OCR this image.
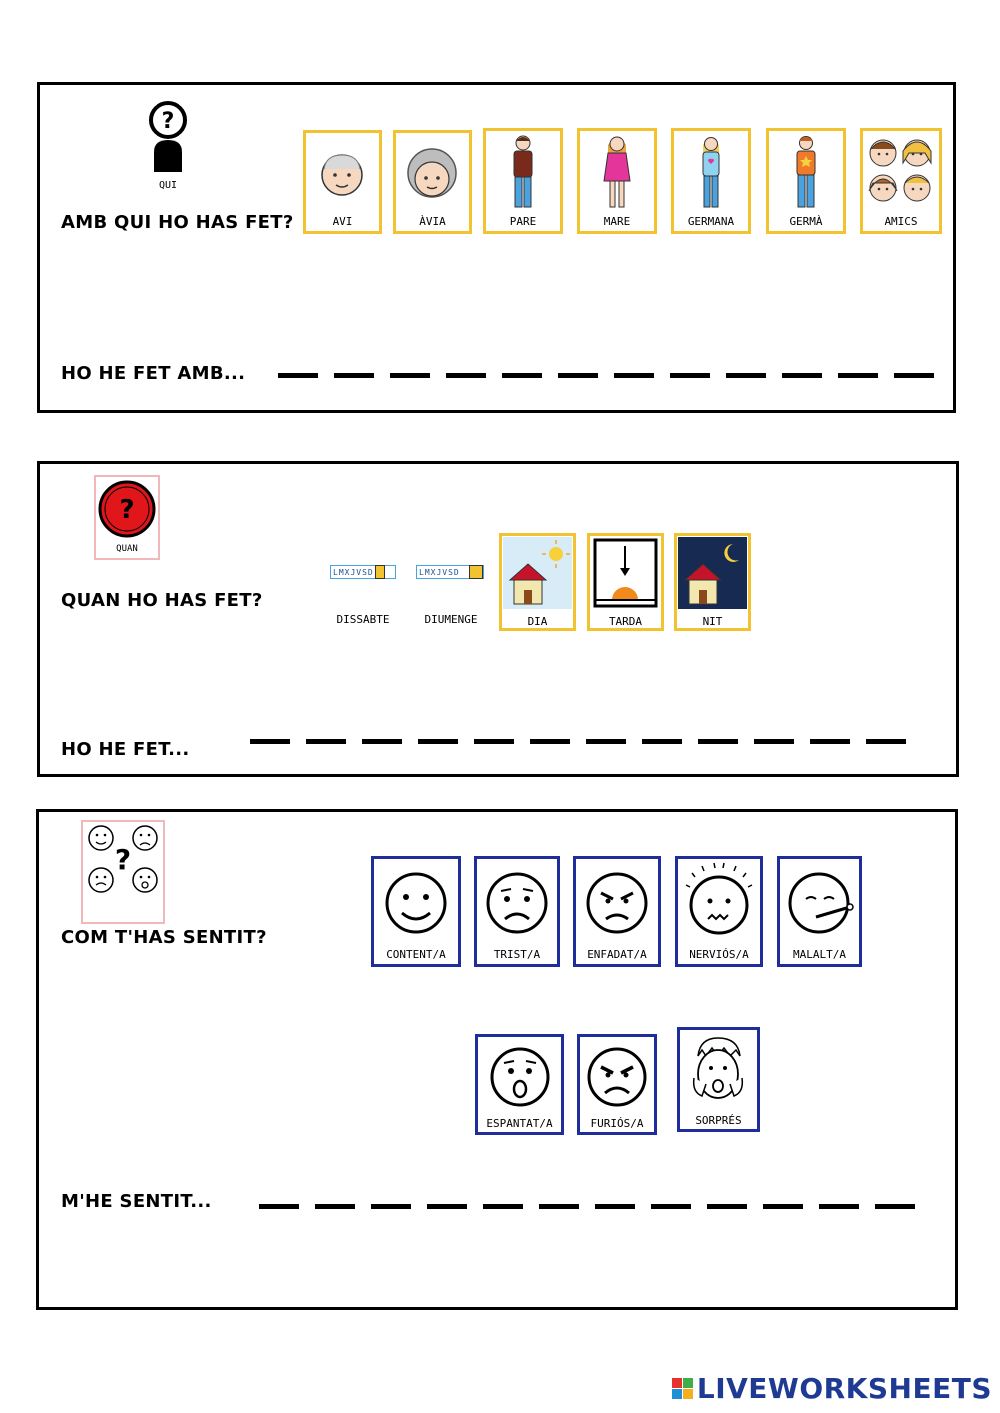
?
QUI
AMB QUI HO HAS FET?	AVI	ÀVIA	PARE	MARE	GERMANA	GERMÀ	AMICS
HO HE FET AMB...
?
QUAN
QUAN HO HAS FET?
LMXJVSD
DISSABTE
LMXJVSD
DIUMENGE	DIA	TARDA	NIT
HO HE FET...
?
COM T'HAS SENTIT?
CONTENT/A	TRIST/A	ENFADAT/A	NERVIÓS/A	MALALT/A
ESPANTAT/A	FURIÓS/A	SORPRÉS
M'HE SENTIT...
LIVEWORKSHEETS
